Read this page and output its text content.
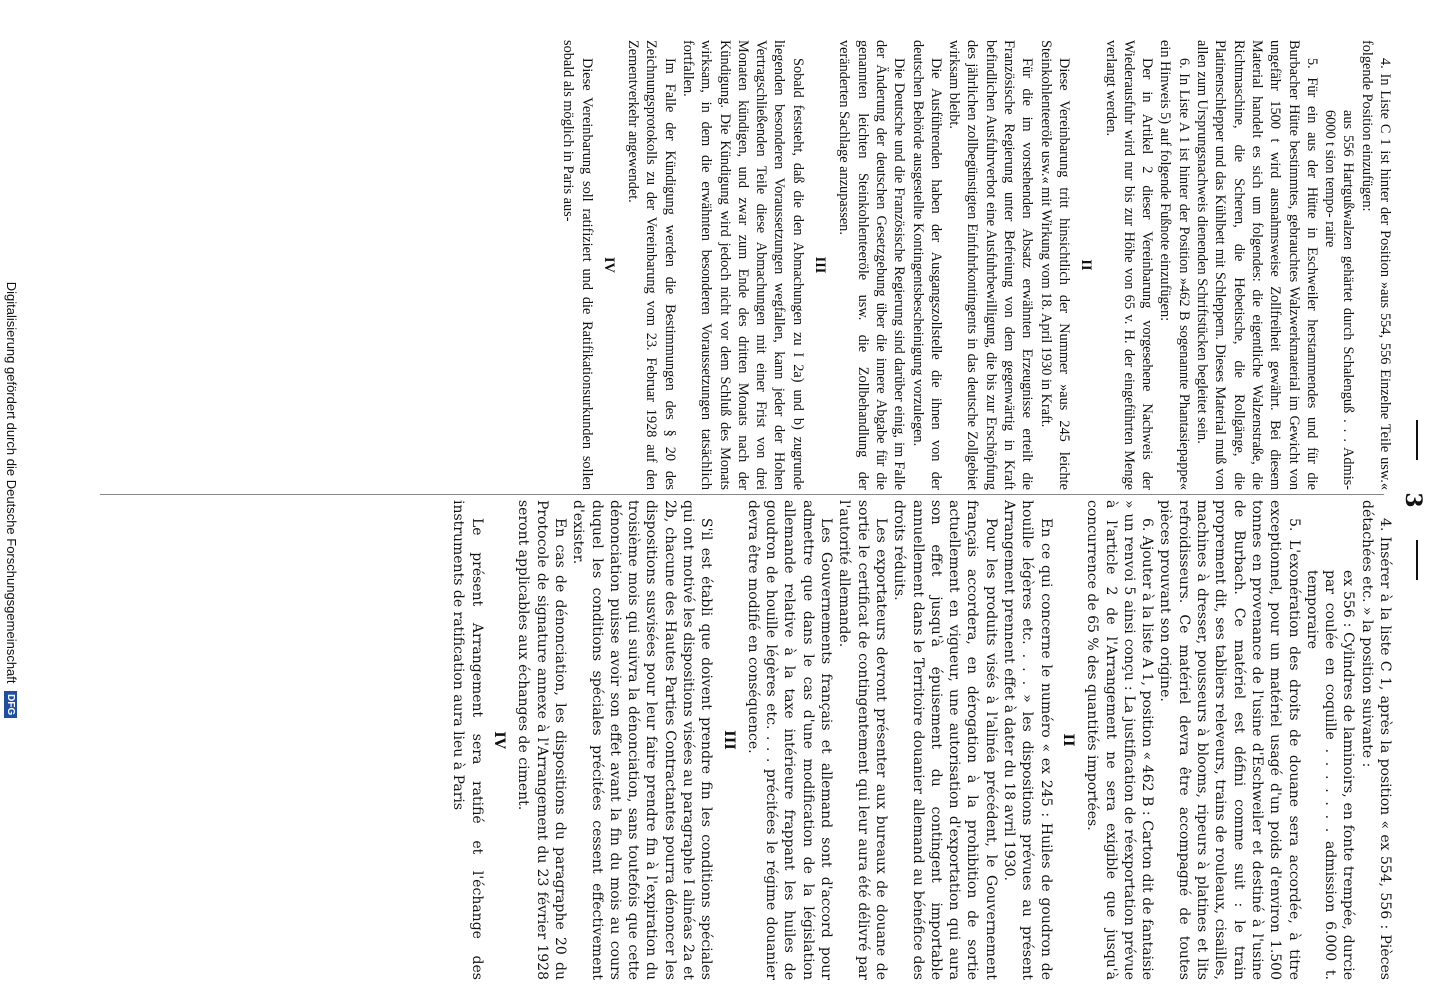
3

4. In Liste C 1 ist hinter der Position »aus 554, 556 Einzelne Teile usw.« folgende Position einzufügen:

aus 556 Hartgußwalzen gehärtet durch Schalenguß . . . Admis- 6000 t sion tempo- raire

5. Für ein aus der Hütte in Eschweiler herstammendes und für die Burbacher Hütte bestimmtes, gebrauchtes Walzwerkmaterial im Gewicht von ungefähr 1500 t wird ausnahmsweise Zollfreiheit gewährt. Bei diesem Material handelt es sich um folgendes: die eigentliche Walzenstraße, die Richtmaschine, die Scheren, die Hebetische, die Rollgänge, die Platinenschlepper und das Kühlbett mit Schleppern. Dieses Material muß von allen zum Ursprungsnachweis dienenden Schriftstücken begleitet sein.

6. In Liste A 1 ist hinter der Position »462 B sogenannte Phantasiepappe« ein Hinweis 5) auf folgende Fußnote einzufügen:

Der in Artikel 2 dieser Vereinbarung vorgesehene Nachweis der Wiederausfuhr wird nur bis zur Höhe von 65 v. H. der eingeführten Menge verlangt werden.

II

Diese Vereinbarung tritt hinsichtlich der Nummer »aus 245 leichte Steinkohlenteeröle usw.« mit Wirkung vom 18. April 1930 in Kraft.

Für die im vorstehenden Absatz erwähnten Erzeugnisse erteilt die Französische Regierung unter Befreiung von dem gegenwärtig in Kraft befindlichen Ausfuhrverbot eine Ausfuhrbewilligung, die bis zur Erschöpfung des jährlichen zollbegünstigten Einfuhrkontingents in das deutsche Zollgebiet wirksam bleibt.

Die Ausführenden haben der Ausgangszollstelle die ihnen von der deutschen Behörde ausgestellte Kontingentsbescheinigung vorzulegen.

Die Deutsche und die Französische Regierung sind darüber einig, im Falle der Änderung der deutschen Gesetzgebung über die innere Abgabe für die genannten leichten Steinkohlenteeröle usw. die Zollbehandlung der veränderten Sachlage anzupassen.

III

Sobald feststeht, daß die den Abmachungen zu I 2a) und b) zugrunde liegenden besonderen Voraussetzungen wegfallen, kann jeder der Hohen Vertragschließenden Teile diese Abmachungen mit einer Frist von drei Monaten kündigen, und zwar zum Ende des dritten Monats nach der Kündigung. Die Kündigung wird jedoch nicht vor dem Schluß des Monats wirksam, in dem die erwähnten besonderen Voraussetzungen tatsächlich fortfallen.

Im Falle der Kündigung werden die Bestimmungen des § 20 des Zeichnungsprotokolls zu der Vereinbarung vom 23. Februar 1928 auf den Zementverkehr angewendet.

IV

Diese Vereinbarung soll ratifiziert und die Ratifikationsurkunden sollen sobald als möglich in Paris aus-

4. Insérer à la liste C 1, après la position « ex 554, 556 : Pièces détachées etc. » la position suivante :

ex 556 : Cylindres de laminoirs, en fonte trempée, durcie par coulée en coquille . . . . . . . admission 6.000 t. temporaire

5. L'exonération des droits de douane sera accordée, à titre exceptionnel, pour un matériel usagé d'un poids d'environ 1.500 tonnes en provenance de l'usine d'Eschweiler et destiné à l'usine de Burbach. Ce matériel est défini comme suit : le train proprement dit, ses tabliers releveurs, trains de rouleaux, cisailles, machines à dresser, pousseurs à blooms, ripeurs à platines et lits refroidisseurs. Ce matériel devra être accompagné de toutes pièces prouvant son origine.

6. Ajouter à la liste A 1, position « 462 B : Carton dit de fantaisie » un renvoi 5 ainsi conçu : La justification de réexportation prévue à l'article 2 de l'Arrangement ne sera exigible que jusqu'à concurrence de 65 % des quantités importées.

II

En ce qui concerne le numéro « ex 245 : Huiles de goudron de houille légères etc. . . . » les dispositions prévues au présent Arrangement prennent effet à dater du 18 avril 1930.

Pour les produits visés à l'alinéa précédent, le Gouvernement français accordera, en dérogation à la prohibition de sortie actuellement en vigueur, une autorisation d'exportation qui aura son effet jusqu'à épuisement du contingent importable annuellement dans le Territoire douanier allemand au bénéfice des droits réduits.

Les exportateurs devront présenter aux bureaux de douane de sortie le certificat de contingentement qui leur aura été délivré par l'autorité allemande.

Les Gouvernements français et allemand sont d'accord pour admettre que dans le cas d'une modification de la législation allemande relative à la taxe intérieure frappant les huiles de goudron de houille légères etc. . . . précitées le régime douanier devra être modifié en conséquence.

III

S'il est établi que doivent prendre fin les conditions spéciales qui ont motivé les dispositions visées au paragraphe I alinéas 2a et 2b, chacune des Hautes Parties Contractantes pourra dénoncer les dispositions susvisées pour leur faire prendre fin à l'expiration du troisième mois qui suivra la dénonciation, sans toutefois que cette dénonciation puisse avoir son effet avant la fin du mois au cours duquel les conditions spéciales précitées cessent effectivement d'exister.

En cas de dénonciation, les dispositions du paragraphe 20 du Protocole de signature annexe à l'Arrangement du 23 février 1928 seront applicables aux échanges de ciment.

IV

Le présent Arrangement sera ratifié et l'échange des instruments de ratification aura lieu à Paris

Digitalisierung gefördert durch die Deutsche Forschungsgemeinschaft DFG
